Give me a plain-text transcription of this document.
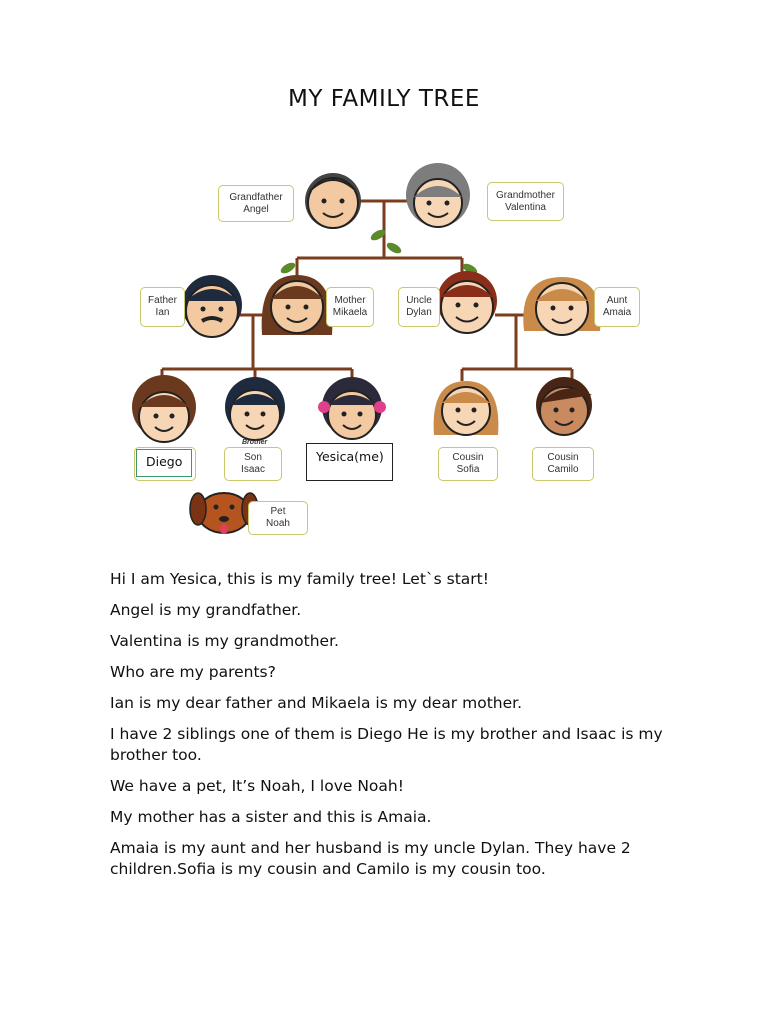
MY FAMILY TREE
Grandfather
Angel
Grandmother
Valentina
Father
Ian
Mother
Mikaela
Uncle
Dylan
Aunt
Amaia
Son
Isaac
Brother
Cousin
Sofia
Cousin
Camilo
Pet
Noah
Diego	Yesica(me)

Hi I am Yesica, this is my family tree! Let`s start!

Angel is my grandfather.

Valentina is my grandmother.

Who are my parents?

Ian is my dear father and Mikaela is my dear mother.

I have 2 siblings one of them is Diego He is my brother and Isaac is my brother too.

We have a pet, It’s Noah, I love Noah!

My mother has a sister and this is Amaia.

Amaia is my aunt and her husband is my uncle Dylan. They have 2 children.Sofia is my cousin and Camilo is my cousin too.
